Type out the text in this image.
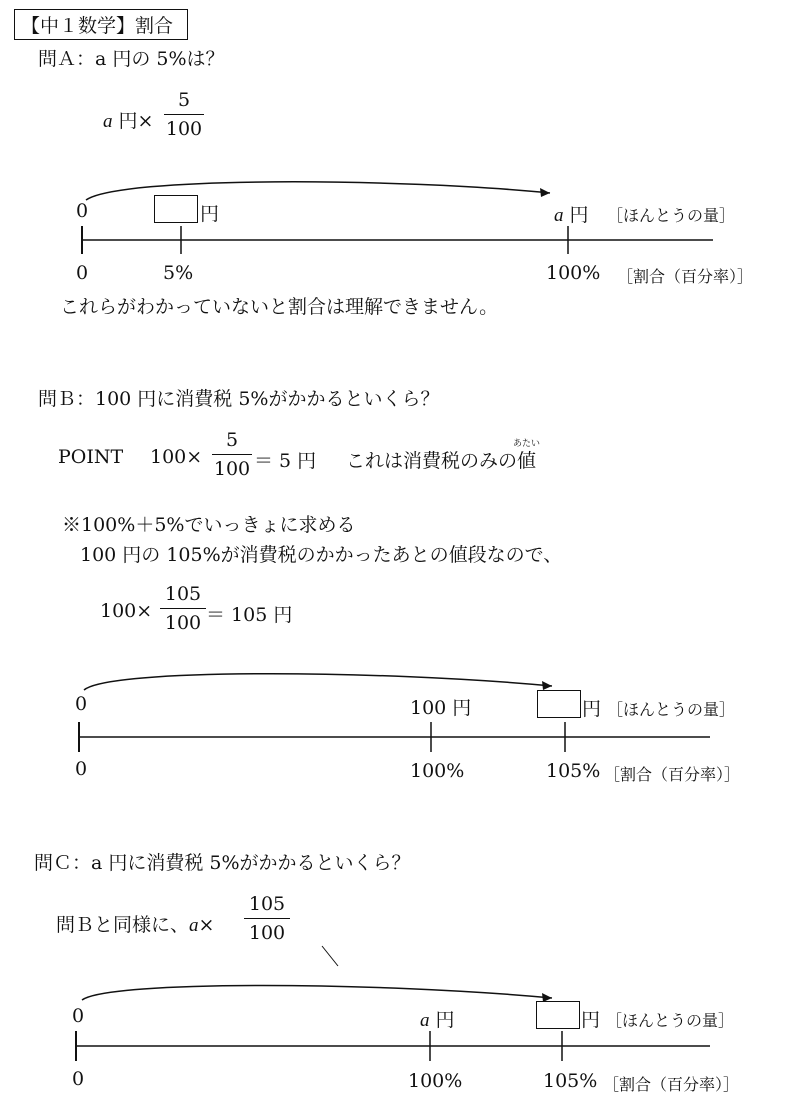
【中１数学】割合
問Ａ：a 円の 5%は？
a 円×
5
100
0	円	a 円 ［ほんとうの量］
0	5%	100% ［割合（百分率）］
これらがわかっていないと割合は理解できません。
問Ｂ：100 円に消費税 5%がかかるといくら？
POINT 100×
5
100 ＝ 5 円 これは消費税のみの
あたい
値
※100%＋5%でいっきょに求める
100 円の 105%が消費税のかかったあとの値段なので、
100×
105
100 ＝ 105 円
0	100 円	円 ［ほんとうの量］
0	100%	105% ［割合（百分率）］
問Ｃ：a 円に消費税 5%がかかるといくら？
問Ｂと同様に、a×
105
100
0	a 円	円 ［ほんとうの量］
0	100%	105% ［割合（百分率）］
